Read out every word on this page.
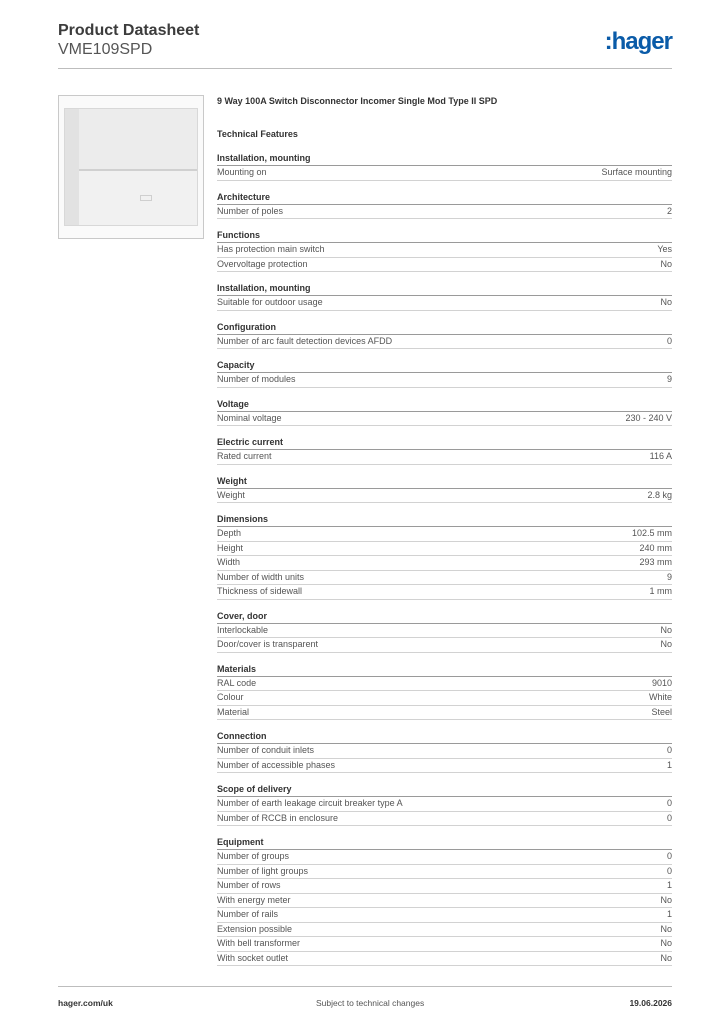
Product Datasheet
VME109SPD	:hager
9 Way 100A Switch Disconnector Incomer Single Mod Type II SPD
Technical Features
Installation, mounting
Mounting on	Surface mounting
Architecture
Number of poles	2
Functions
Has protection main switch	Yes
Overvoltage protection	No
Installation, mounting
Suitable for outdoor usage	No
Configuration
Number of arc fault detection devices AFDD	0
Capacity
Number of modules	9
Voltage
Nominal voltage	230 - 240 V
Electric current
Rated current	116 A
Weight
Weight	2.8 kg
Dimensions
Depth	102.5 mm
Height	240 mm
Width	293 mm
Number of width units	9
Thickness of sidewall	1 mm
Cover, door
Interlockable	No
Door/cover is transparent	No
Materials
RAL code	9010
Colour	White
Material	Steel
Connection
Number of conduit inlets	0
Number of accessible phases	1
Scope of delivery
Number of earth leakage circuit breaker type A	0
Number of RCCB in enclosure	0
Equipment
Number of groups	0
Number of light groups	0
Number of rows	1
With energy meter	No
Number of rails	1
Extension possible	No
With bell transformer	No
With socket outlet	No
hager.com/uk	Subject to technical changes	19.06.2026
